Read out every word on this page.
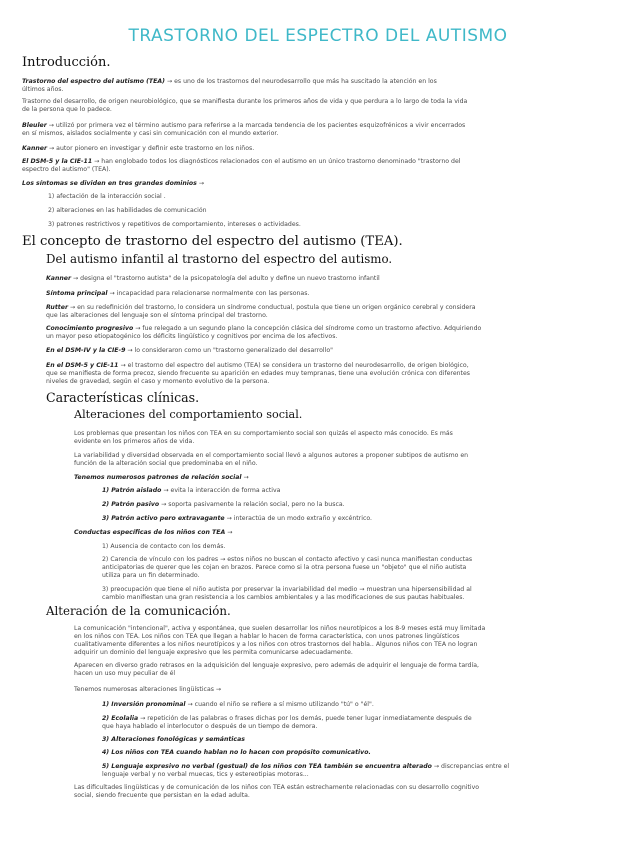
TRASTORNO DEL ESPECTRO DEL AUTISMO
Introducción.
Trastorno del espectro del autismo (TEA) → es uno de los trastornos del neurodesarrollo que más ha suscitado la atención en los
últimos años.
Trastorno del desarrollo, de origen neurobiológico, que se manifiesta durante los primeros años de vida y que perdura a lo largo de toda la vida
de la persona que lo padece.
Bleuler → utilizó por primera vez el término autismo para referirse a la marcada tendencia de los pacientes esquizofrénicos a vivir encerrados
en sí mismos, aislados socialmente y casi sin comunicación con el mundo exterior.
Kanner → autor pionero en investigar y definir este trastorno en los niños.
El DSM-5 y la CIE-11 → han englobado todos los diagnósticos relacionados con el autismo en un único trastorno denominado "trastorno del
espectro del autismo" (TEA).
Los síntomas se dividen en tres grandes dominios →
1) afectación de la interacción social .
2) alteraciones en las habilidades de comunicación
3) patrones restrictivos y repetitivos de comportamiento, intereses o actividades.
El concepto de trastorno del espectro del autismo (TEA).
Del autismo infantil al trastorno del espectro del autismo.
Kanner → designa el "trastorno autista" de la psicopatología del adulto y define un nuevo trastorno infantil
Síntoma principal → incapacidad para relacionarse normalmente con las personas.
Rutter → en su redefinición del trastorno, lo considera un síndrome conductual, postula que tiene un origen orgánico cerebral y considera
que las alteraciones del lenguaje son el síntoma principal del trastorno.
Conocimiento progresivo → fue relegado a un segundo plano la concepción clásica del síndrome como un trastorno afectivo. Adquiriendo
un mayor peso etiopatogénico los déficits lingüístico y cognitivos por encima de los afectivos.
En el DSM-IV y la CIE-9 → lo consideraron como un "trastorno generalizado del desarrollo"
En el DSM-5 y CIE-11 → el trastorno del espectro del autismo (TEA) se considera un trastorno del neurodesarrollo, de origen biológico,
que se manifiesta de forma precoz, siendo frecuente su aparición en edades muy tempranas, tiene una evolución crónica con diferentes
niveles de gravedad, según el caso y momento evolutivo de la persona.
Características clínicas.
Alteraciones del comportamiento social.
Los problemas que presentan los niños con TEA en su comportamiento social son quizás el aspecto más conocido. Es más
evidente en los primeros años de vida.
La variabilidad y diversidad observada en el comportamiento social llevó a algunos autores a proponer subtipos de autismo en
función de la alteración social que predominaba en el niño.
Tenemos numerosos patrones de relación social →
1) Patrón aislado → evita la interacción de forma activa
2) Patrón pasivo → soporta pasivamente la relación social, pero no la busca.
3) Patrón activo pero extravagante → interactúa de un modo extraño y excéntrico.
Conductas específicas de los niños con TEA →
1) Ausencia de contacto con los demás.
2) Carencia de vínculo con los padres → estos niños no buscan el contacto afectivo y casi nunca manifiestan conductas
anticipatorias de querer que les cojan en brazos. Parece como si la otra persona fuese un "objeto" que el niño autista
utiliza para un fin determinado.
3) preocupación que tiene el niño autista por preservar la invariabilidad del medio → muestran una hipersensibilidad al
cambio manifiestan una gran resistencia a los cambios ambientales y a las modificaciones de sus pautas habituales.
Alteración de la comunicación.
La comunicación "intencional", activa y espontánea, que suelen desarrollar los niños neurotípicos a los 8-9 meses está muy limitada
en los niños con TEA. Los niños con TEA que llegan a hablar lo hacen de forma característica, con unos patrones lingüísticos
cualitativamente diferentes a los niños neurotípicos y a los niños con otros trastornos del habla.. Algunos niños con TEA no logran
adquirir un dominio del lenguaje expresivo que les permita comunicarse adecuadamente.
Aparecen en diverso grado retrasos en la adquisición del lenguaje expresivo, pero además de adquirir el lenguaje de forma tardía,
hacen un uso muy peculiar de él
Tenemos numerosas alteraciones lingüísticas →
1) Inversión pronominal → cuando el niño se refiere a sí mismo utilizando "tú" o "él".
2) Ecolalia → repetición de las palabras o frases dichas por los demás, puede tener lugar inmediatamente después de
que haya hablado el interlocutor o después de un tiempo de demora.
3) Alteraciones fonológicas y semánticas
4) Los niños con TEA cuando hablan no lo hacen con propósito comunicativo.
5) Lenguaje expresivo no verbal (gestual) de los niños con TEA también se encuentra alterado → discrepancias entre el
lenguaje verbal y no verbal muecas, tics y estereotipias motoras...
Las dificultades lingüísticas y de comunicación de los niños con TEA están estrechamente relacionadas con su desarrollo cognitivo
social, siendo frecuente que persistan en la edad adulta.
